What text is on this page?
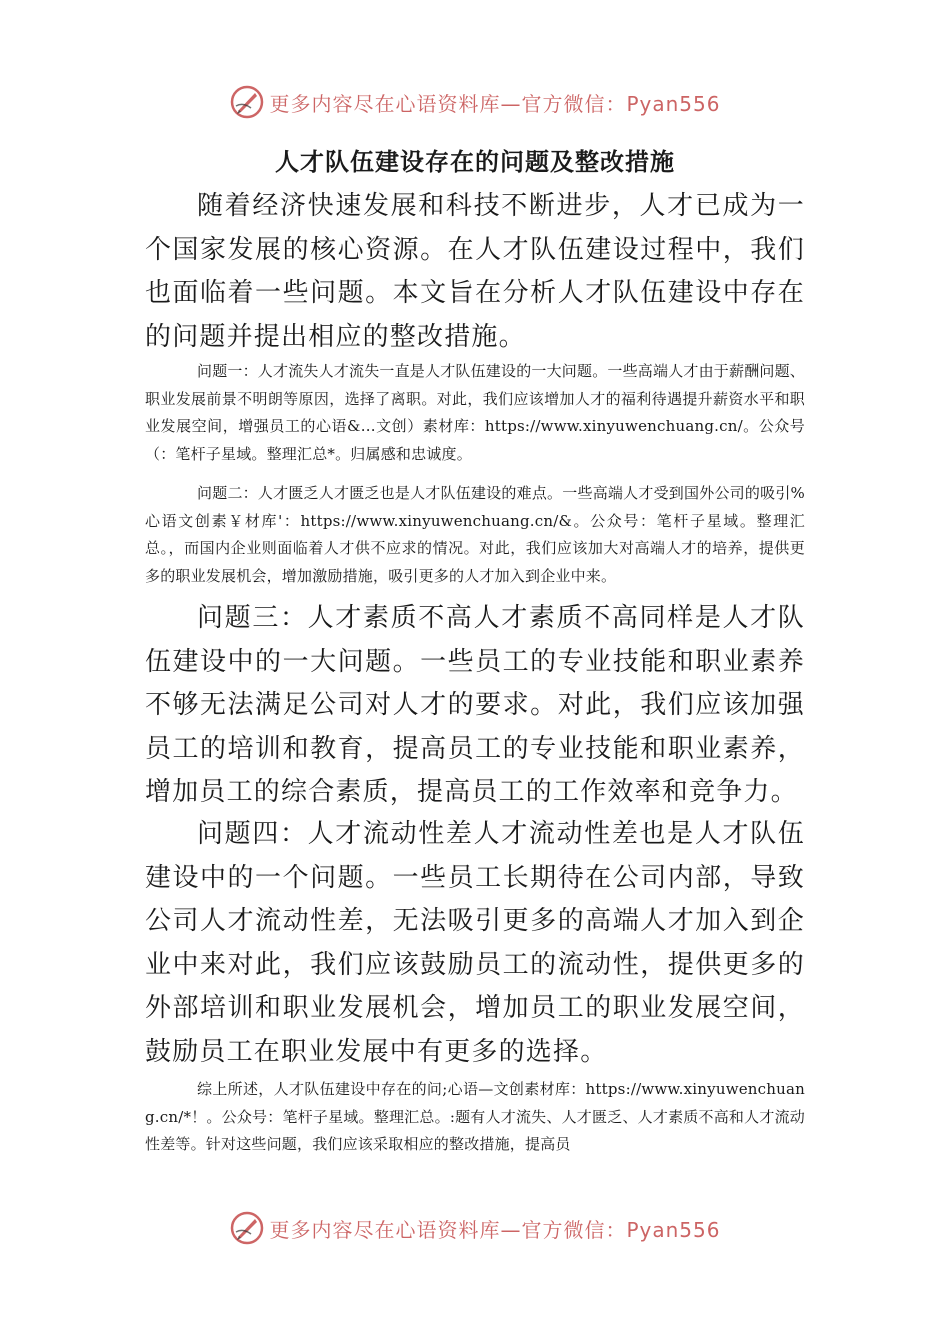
更多内容尽在心语资料库—官方微信：Pyan556
人才队伍建设存在的问题及整改措施

随着经济快速发展和科技不断进步，人才已成为一个国家发展的核心资源。在人才队伍建设过程中，我们也面临着一些问题。本文旨在分析人才队伍建设中存在的问题并提出相应的整改措施。

问题一：人才流失人才流失一直是人才队伍建设的一大问题。一些高端人才由于薪酬问题、职业发展前景不明朗等原因，选择了离职。对此，我们应该增加人才的福利待遇提升薪资水平和职业发展空间，增强员工的心语&…文创）素材库：https://www.xinyuwenchuang.cn/。公众号（：笔杆子星域。整理汇总*。归属感和忠诚度。

问题二：人才匮乏人才匮乏也是人才队伍建设的难点。一些高端人才受到国外公司的吸引%心语文创素￥材库'：https://www.xinyuwenchuang.cn/&。公众号：笔杆子星域。整理汇总。，而国内企业则面临着人才供不应求的情况。对此，我们应该加大对高端人才的培养，提供更多的职业发展机会，增加激励措施，吸引更多的人才加入到企业中来。

问题三：人才素质不高人才素质不高同样是人才队伍建设中的一大问题。一些员工的专业技能和职业素养不够无法满足公司对人才的要求。对此，我们应该加强员工的培训和教育，提高员工的专业技能和职业素养，增加员工的综合素质，提高员工的工作效率和竞争力。

问题四：人才流动性差人才流动性差也是人才队伍建设中的一个问题。一些员工长期待在公司内部，导致公司人才流动性差，无法吸引更多的高端人才加入到企业中来对此，我们应该鼓励员工的流动性，提供更多的外部培训和职业发展机会，增加员工的职业发展空间，鼓励员工在职业发展中有更多的选择。

综上所述，人才队伍建设中存在的问;心语—文创素材库：https://www.xinyuwenchuang.cn/*！。公众号：笔杆子星域。整理汇总。:题有人才流失、人才匮乏、人才素质不高和人才流动性差等。针对这些问题，我们应该采取相应的整改措施，提高员

更多内容尽在心语资料库—官方微信：Pyan556
